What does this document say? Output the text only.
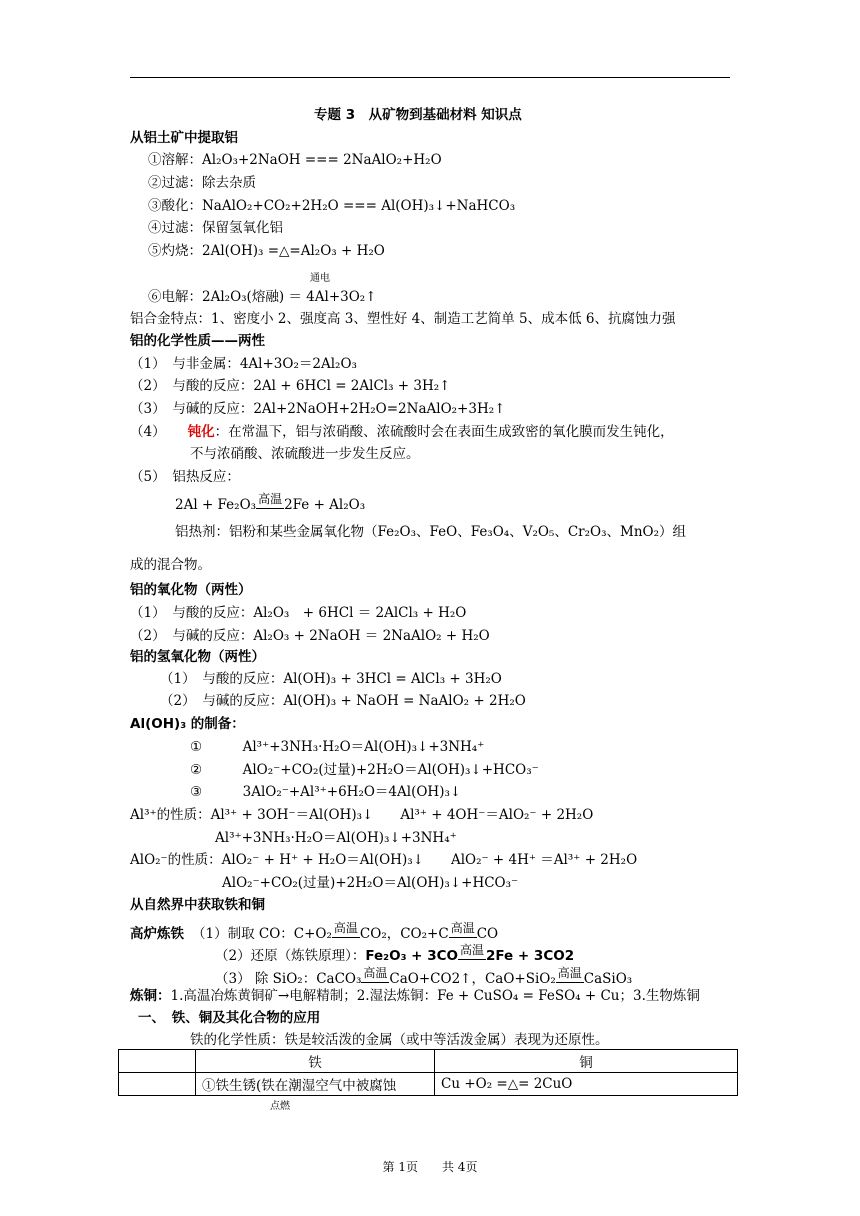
专题 3　从矿物到基础材料 知识点
从铝土矿中提取铝
①溶解：Al₂O₃+2NaOH === 2NaAlO₂+H₂O
②过滤：除去杂质
③酸化：NaAlO₂+CO₂+2H₂O === Al(OH)₃↓+NaHCO₃
④过滤：保留氢氧化铝
⑤灼烧：2Al(OH)₃ =△=Al₂O₃ + H₂O
通电
⑥电解：2Al₂O₃(熔融) ＝ 4Al+3O₂↑
铝合金特点：1、密度小 2、强度高 3、塑性好 4、制造工艺简单 5、成本低 6、抗腐蚀力强
铝的化学性质——两性
（1）　与非金属：4Al+3O₂＝2Al₂O₃
（2）　与酸的反应：2Al + 6HCl = 2AlCl₃ + 3H₂↑
（3）　与碱的反应：2Al+2NaOH+2H₂O=2NaAlO₂+3H₂↑
（4） 钝化：在常温下，铝与浓硝酸、浓硫酸时会在表面生成致密的氧化膜而发生钝化，
不与浓硝酸、浓硫酸进一步发生反应。
（5）　铝热反应：
2Al + Fe₂O₃ 高温 2Fe + Al₂O₃
铝热剂：铝粉和某些金属氧化物（Fe₂O₃、FeO、Fe₃O₄、V₂O₅、Cr₂O₃、MnO₂）组
成的混合物。
铝的氧化物（两性）
（1）　与酸的反应：Al₂O₃　+ 6HCl ＝ 2AlCl₃ + H₂O
（2）　与碱的反应：Al₂O₃ + 2NaOH ＝ 2NaAlO₂ + H₂O
铝的氢氧化物（两性）
（1）　与酸的反应：Al(OH)₃ + 3HCl = AlCl₃ + 3H₂O
（2）　与碱的反应：Al(OH)₃ + NaOH = NaAlO₂ + 2H₂O
Al(OH)₃ 的制备：
①　　　Al³⁺+3NH₃·H₂O＝Al(OH)₃↓+3NH₄⁺
②　　　AlO₂⁻+CO₂(过量)+2H₂O＝Al(OH)₃↓+HCO₃⁻
③　　　3AlO₂⁻+Al³⁺+6H₂O＝4Al(OH)₃↓
Al³⁺的性质：Al³⁺ + 3OH⁻＝Al(OH)₃↓　　Al³⁺ + 4OH⁻＝AlO₂⁻ + 2H₂O
Al³⁺+3NH₃·H₂O＝Al(OH)₃↓+3NH₄⁺
AlO₂⁻的性质：AlO₂⁻ + H⁺ + H₂O＝Al(OH)₃↓　　AlO₂⁻ + 4H⁺ ＝Al³⁺ + 2H₂O
AlO₂⁻+CO₂(过量)+2H₂O＝Al(OH)₃↓+HCO₃⁻
从自然界中获取铁和铜
高炉炼铁 （1）制取 CO：C+O₂ 高温 CO₂，CO₂+C 高温 CO
（2）还原（炼铁原理）：Fe₂O₃ + 3CO 高温 2Fe + 3CO2
（3） 除 SiO₂：CaCO₃ 高温 CaO+CO2↑，CaO+SiO₂ 高温 CaSiO₃
炼铜：1.高温冶炼黄铜矿→电解精制；2.湿法炼铜：Fe + CuSO₄ = FeSO₄ + Cu；3.生物炼铜
一、　铁、铜及其化合物的应用
铁的化学性质：铁是较活泼的金属（或中等活泼金属）表现为还原性。
	铁	铜
	①铁生锈(铁在潮湿空气中被腐蚀	Cu +O₂ =△= 2CuO
点燃
第 1页　　共 4页
